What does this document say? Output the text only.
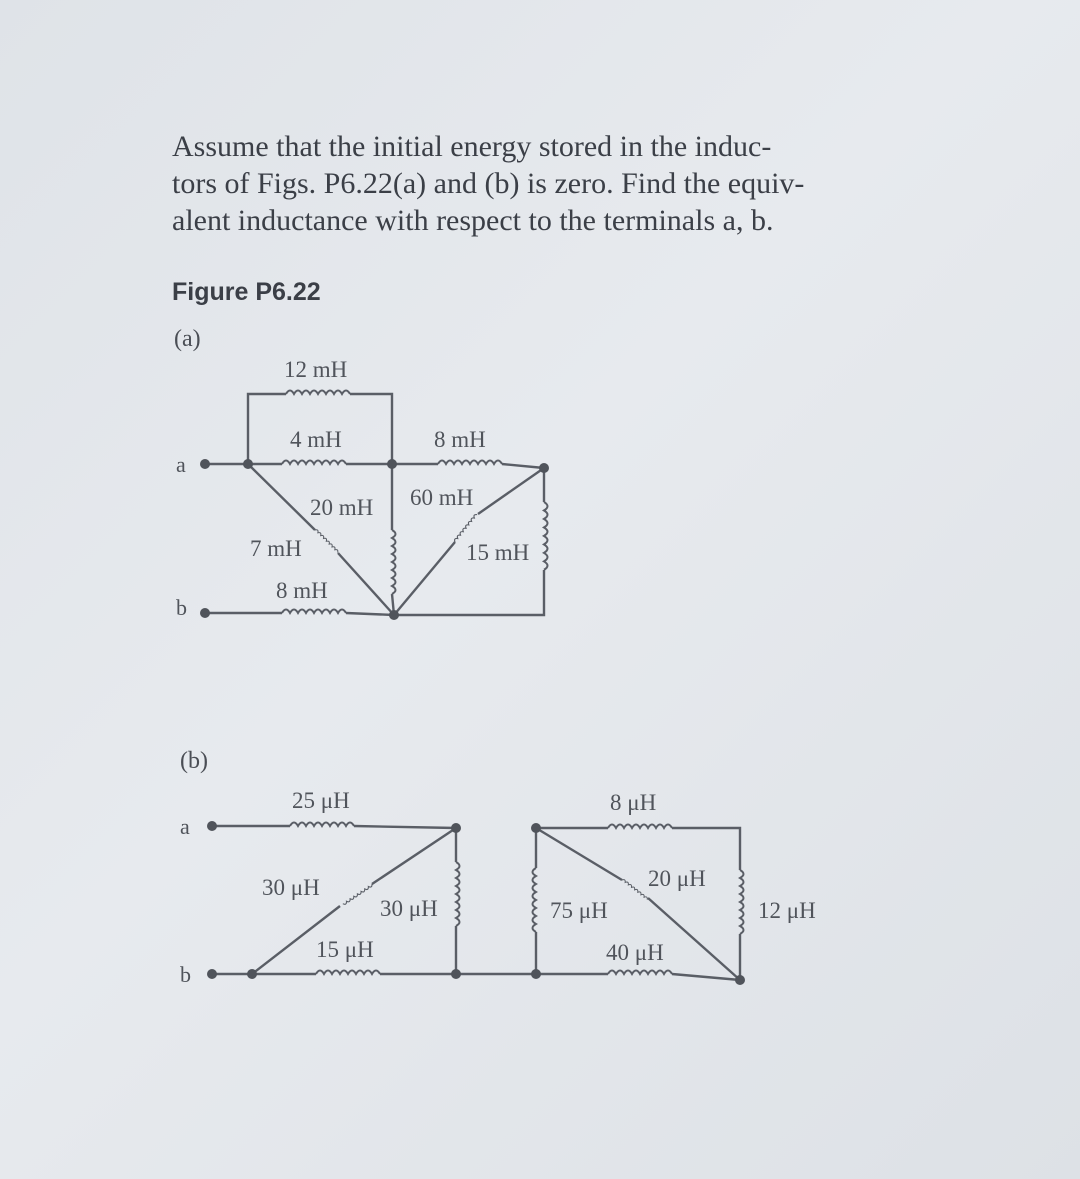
Assume that the initial energy stored in the induc-
tors of Figs. P6.22(a) and (b) is zero. Find the equiv-
alent inductance with respect to the terminals a, b.
Figure P6.22
(a)
(b)
a
b
12 mH
4 mH	8 mH
20 mH 60 mH
7 mH	15 mH
8 mH
a
b
25 μH	8 μH
30 μH
30 μH
15 μH
75 μH
20 μH
12 μH
40 μH
